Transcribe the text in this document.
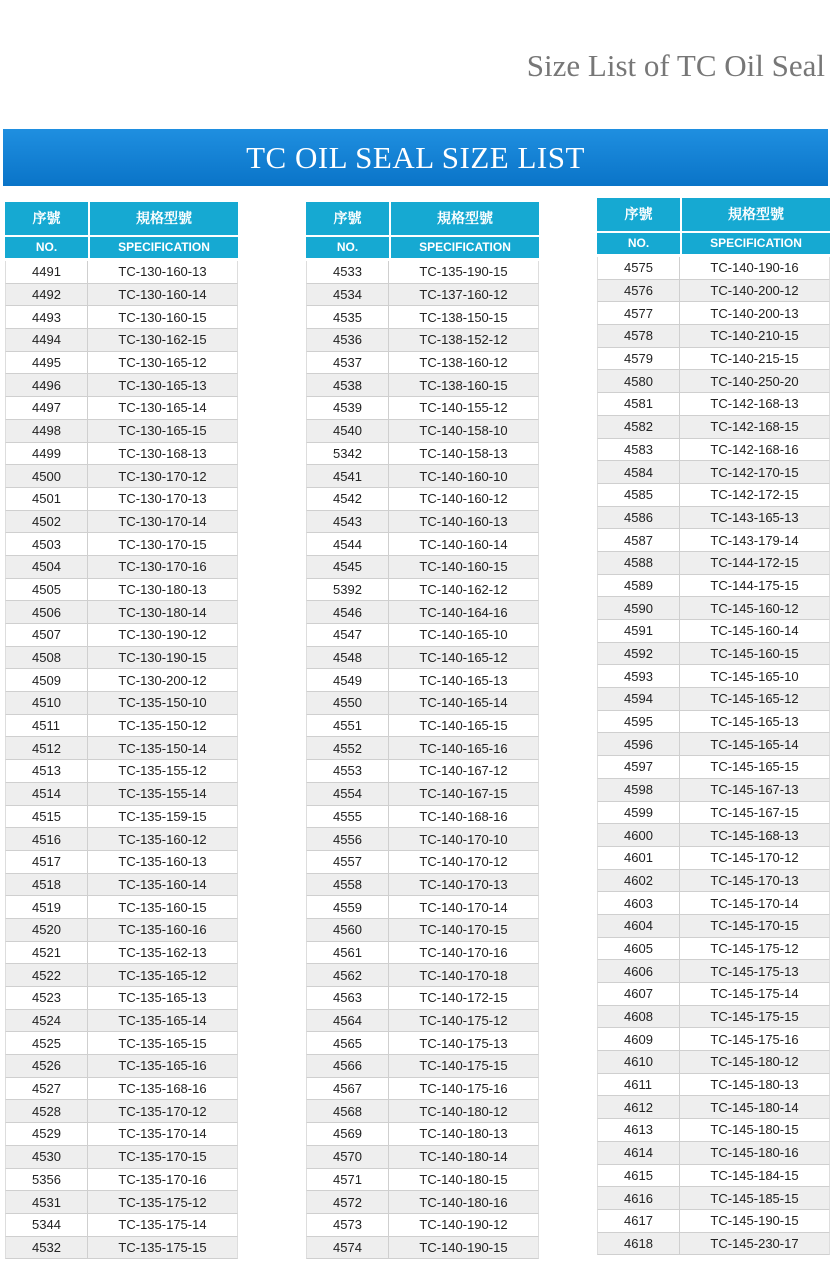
Size List of TC Oil Seal
TC OIL SEAL SIZE LIST
序號	規格型號
NO.	SPECIFICATION
4491	TC-130-160-13
4492	TC-130-160-14
4493	TC-130-160-15
4494	TC-130-162-15
4495	TC-130-165-12
4496	TC-130-165-13
4497	TC-130-165-14
4498	TC-130-165-15
4499	TC-130-168-13
4500	TC-130-170-12
4501	TC-130-170-13
4502	TC-130-170-14
4503	TC-130-170-15
4504	TC-130-170-16
4505	TC-130-180-13
4506	TC-130-180-14
4507	TC-130-190-12
4508	TC-130-190-15
4509	TC-130-200-12
4510	TC-135-150-10
4511	TC-135-150-12
4512	TC-135-150-14
4513	TC-135-155-12
4514	TC-135-155-14
4515	TC-135-159-15
4516	TC-135-160-12
4517	TC-135-160-13
4518	TC-135-160-14
4519	TC-135-160-15
4520	TC-135-160-16
4521	TC-135-162-13
4522	TC-135-165-12
4523	TC-135-165-13
4524	TC-135-165-14
4525	TC-135-165-15
4526	TC-135-165-16
4527	TC-135-168-16
4528	TC-135-170-12
4529	TC-135-170-14
4530	TC-135-170-15
5356	TC-135-170-16
4531	TC-135-175-12
5344	TC-135-175-14
4532	TC-135-175-15
序號	規格型號
NO.	SPECIFICATION
4533	TC-135-190-15
4534	TC-137-160-12
4535	TC-138-150-15
4536	TC-138-152-12
4537	TC-138-160-12
4538	TC-138-160-15
4539	TC-140-155-12
4540	TC-140-158-10
5342	TC-140-158-13
4541	TC-140-160-10
4542	TC-140-160-12
4543	TC-140-160-13
4544	TC-140-160-14
4545	TC-140-160-15
5392	TC-140-162-12
4546	TC-140-164-16
4547	TC-140-165-10
4548	TC-140-165-12
4549	TC-140-165-13
4550	TC-140-165-14
4551	TC-140-165-15
4552	TC-140-165-16
4553	TC-140-167-12
4554	TC-140-167-15
4555	TC-140-168-16
4556	TC-140-170-10
4557	TC-140-170-12
4558	TC-140-170-13
4559	TC-140-170-14
4560	TC-140-170-15
4561	TC-140-170-16
4562	TC-140-170-18
4563	TC-140-172-15
4564	TC-140-175-12
4565	TC-140-175-13
4566	TC-140-175-15
4567	TC-140-175-16
4568	TC-140-180-12
4569	TC-140-180-13
4570	TC-140-180-14
4571	TC-140-180-15
4572	TC-140-180-16
4573	TC-140-190-12
4574	TC-140-190-15
序號	規格型號
NO.	SPECIFICATION
4575	TC-140-190-16
4576	TC-140-200-12
4577	TC-140-200-13
4578	TC-140-210-15
4579	TC-140-215-15
4580	TC-140-250-20
4581	TC-142-168-13
4582	TC-142-168-15
4583	TC-142-168-16
4584	TC-142-170-15
4585	TC-142-172-15
4586	TC-143-165-13
4587	TC-143-179-14
4588	TC-144-172-15
4589	TC-144-175-15
4590	TC-145-160-12
4591	TC-145-160-14
4592	TC-145-160-15
4593	TC-145-165-10
4594	TC-145-165-12
4595	TC-145-165-13
4596	TC-145-165-14
4597	TC-145-165-15
4598	TC-145-167-13
4599	TC-145-167-15
4600	TC-145-168-13
4601	TC-145-170-12
4602	TC-145-170-13
4603	TC-145-170-14
4604	TC-145-170-15
4605	TC-145-175-12
4606	TC-145-175-13
4607	TC-145-175-14
4608	TC-145-175-15
4609	TC-145-175-16
4610	TC-145-180-12
4611	TC-145-180-13
4612	TC-145-180-14
4613	TC-145-180-15
4614	TC-145-180-16
4615	TC-145-184-15
4616	TC-145-185-15
4617	TC-145-190-15
4618	TC-145-230-17
